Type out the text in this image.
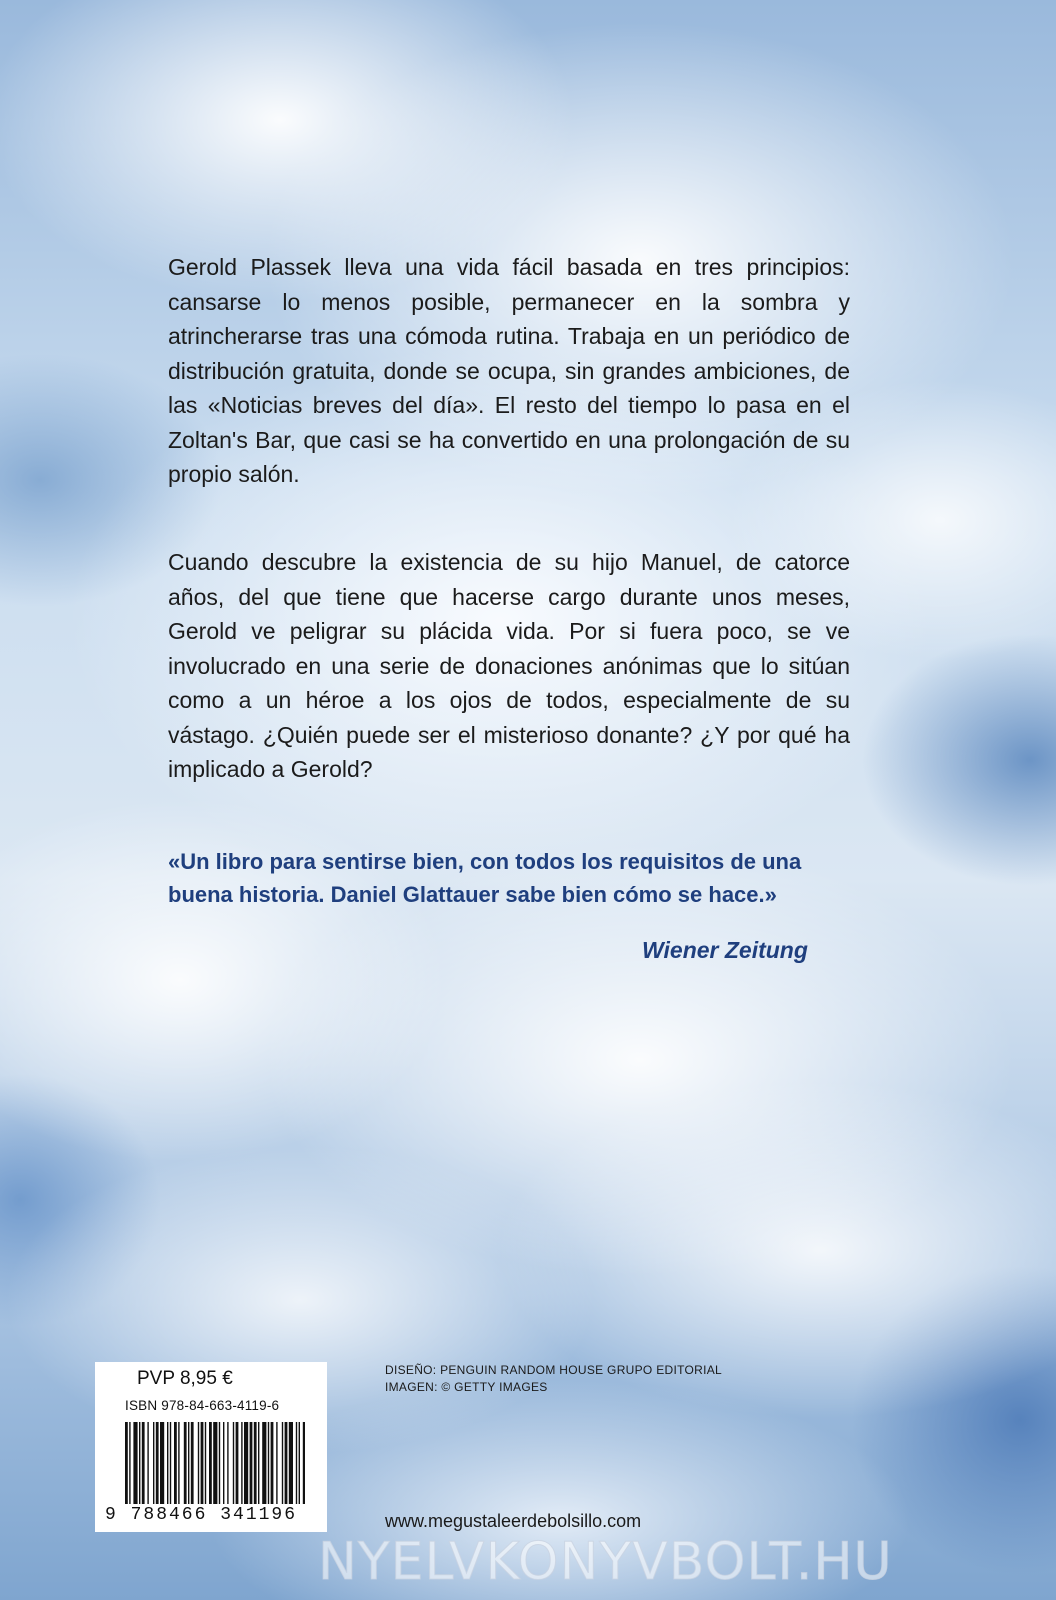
Gerold Plassek lleva una vida fácil basada en tres principios: cansarse lo menos posible, permanecer en la sombra y atrincherarse tras una cómoda rutina. Trabaja en un periódico de distribución gratuita, donde se ocupa, sin grandes ambiciones, de las «Noticias breves del día». El resto del tiempo lo pasa en el Zoltan's Bar, que casi se ha convertido en una prolongación de su propio salón.

Cuando descubre la existencia de su hijo Manuel, de catorce años, del que tiene que hacerse cargo durante unos meses, Gerold ve peligrar su plácida vida. Por si fuera poco, se ve involucrado en una serie de donaciones anónimas que lo sitúan como a un héroe a los ojos de todos, especialmente de su vástago. ¿Quién puede ser el misterioso donante? ¿Y por qué ha implicado a Gerold?

«Un libro para sentirse bien, con todos los requisitos de una buena historia. Daniel Glattauer sabe bien cómo se hace.»

Wiener Zeitung
PVP 8,95 €
ISBN 978-84-663-4119-6
9 788466 341196
DISEÑO: PENGUIN RANDOM HOUSE GRUPO EDITORIAL
IMAGEN: © GETTY IMAGES
www.megustaleerdebolsillo.com
NYELVKONYVBOLT.HU
